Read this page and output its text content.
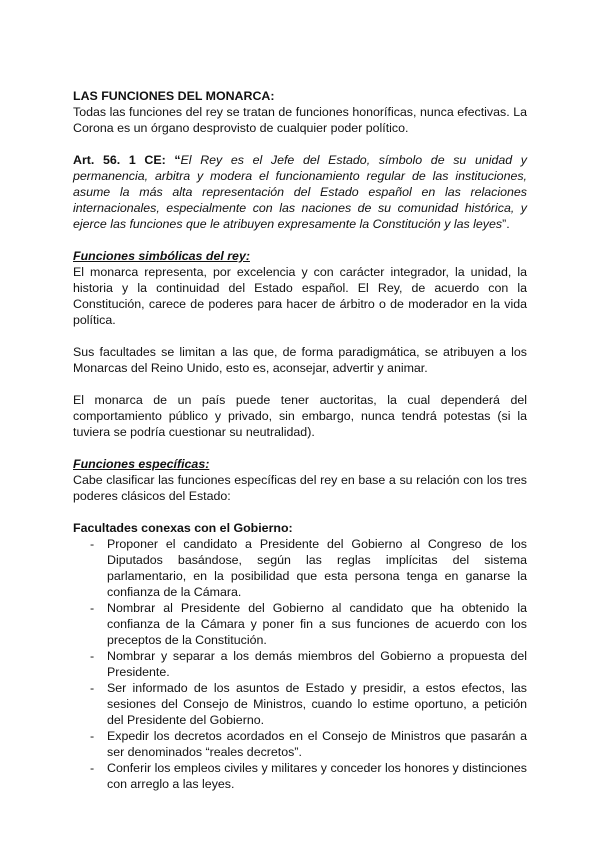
LAS FUNCIONES DEL MONARCA:

Todas las funciones del rey se tratan de funciones honoríficas, nunca efectivas. La Corona es un órgano desprovisto de cualquier poder político.

Art. 56. 1 CE: “El Rey es el Jefe del Estado, símbolo de su unidad y permanencia, arbitra y modera el funcionamiento regular de las instituciones, asume la más alta representación del Estado español en las relaciones internacionales, especialmente con las naciones de su comunidad histórica, y ejerce las funciones que le atribuyen expresamente la Constitución y las leyes”.

Funciones simbólicas del rey:

El monarca representa, por excelencia y con carácter integrador, la unidad, la historia y la continuidad del Estado español. El Rey, de acuerdo con la Constitución, carece de poderes para hacer de árbitro o de moderador en la vida política.

Sus facultades se limitan a las que, de forma paradigmática, se atribuyen a los Monarcas del Reino Unido, esto es, aconsejar, advertir y animar.

El monarca de un país puede tener auctoritas, la cual dependerá del comportamiento público y privado, sin embargo, nunca tendrá potestas (si la tuviera se podría cuestionar su neutralidad).

Funciones específicas:

Cabe clasificar las funciones específicas del rey en base a su relación con los tres poderes clásicos del Estado:

Facultades conexas con el Gobierno:

- Proponer el candidato a Presidente del Gobierno al Congreso de los Diputados basándose, según las reglas implícitas del sistema parlamentario, en la posibilidad que esta persona tenga en ganarse la confianza de la Cámara.
- Nombrar al Presidente del Gobierno al candidato que ha obtenido la confianza de la Cámara y poner fin a sus funciones de acuerdo con los preceptos de la Constitución.
- Nombrar y separar a los demás miembros del Gobierno a propuesta del Presidente.
- Ser informado de los asuntos de Estado y presidir, a estos efectos, las sesiones del Consejo de Ministros, cuando lo estime oportuno, a petición del Presidente del Gobierno.
- Expedir los decretos acordados en el Consejo de Ministros que pasarán a ser denominados “reales decretos”.
- Conferir los empleos civiles y militares y conceder los honores y distinciones con arreglo a las leyes.
